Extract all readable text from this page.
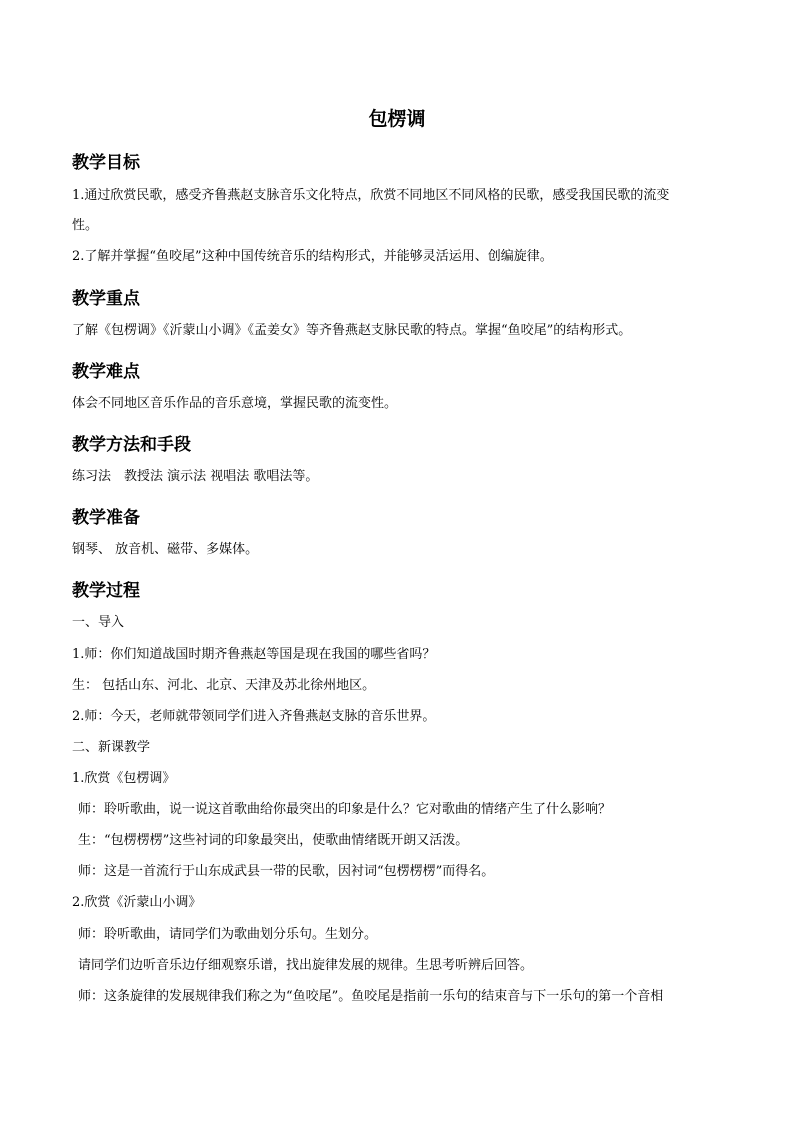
包楞调
教学目标
1.通过欣赏民歌，感受齐鲁燕赵支脉音乐文化特点，欣赏不同地区不同风格的民歌，感受我国民歌的流变
性。
2.了解并掌握“鱼咬尾”这种中国传统音乐的结构形式，并能够灵活运用、创编旋律。
教学重点
了解《包楞调》《沂蒙山小调》《孟姜女》等齐鲁燕赵支脉民歌的特点。掌握“鱼咬尾”的结构形式。
教学难点
体会不同地区音乐作品的音乐意境，掌握民歌的流变性。
教学方法和手段
练习法　教授法 演示法 视唱法 歌唱法等。
教学准备
钢琴、 放音机、磁带、多媒体。
教学过程
一、导入
1.师：你们知道战国时期齐鲁燕赵等国是现在我国的哪些省吗？
生： 包括山东、河北、北京、天津及苏北徐州地区。
2.师：今天，老师就带领同学们进入齐鲁燕赵支脉的音乐世界。
二、新课教学
1.欣赏《包楞调》
师：聆听歌曲，说一说这首歌曲给你最突出的印象是什么？它对歌曲的情绪产生了什么影响？
生：“包楞楞楞”这些衬词的印象最突出，使歌曲情绪既开朗又活泼。
师：这是一首流行于山东成武县一带的民歌，因衬词“包楞楞楞”而得名。
2.欣赏《沂蒙山小调》
师：聆听歌曲，请同学们为歌曲划分乐句。生划分。
请同学们边听音乐边仔细观察乐谱，找出旋律发展的规律。生思考听辨后回答。
师：这条旋律的发展规律我们称之为“鱼咬尾”。鱼咬尾是指前一乐句的结束音与下一乐句的第一个音相
